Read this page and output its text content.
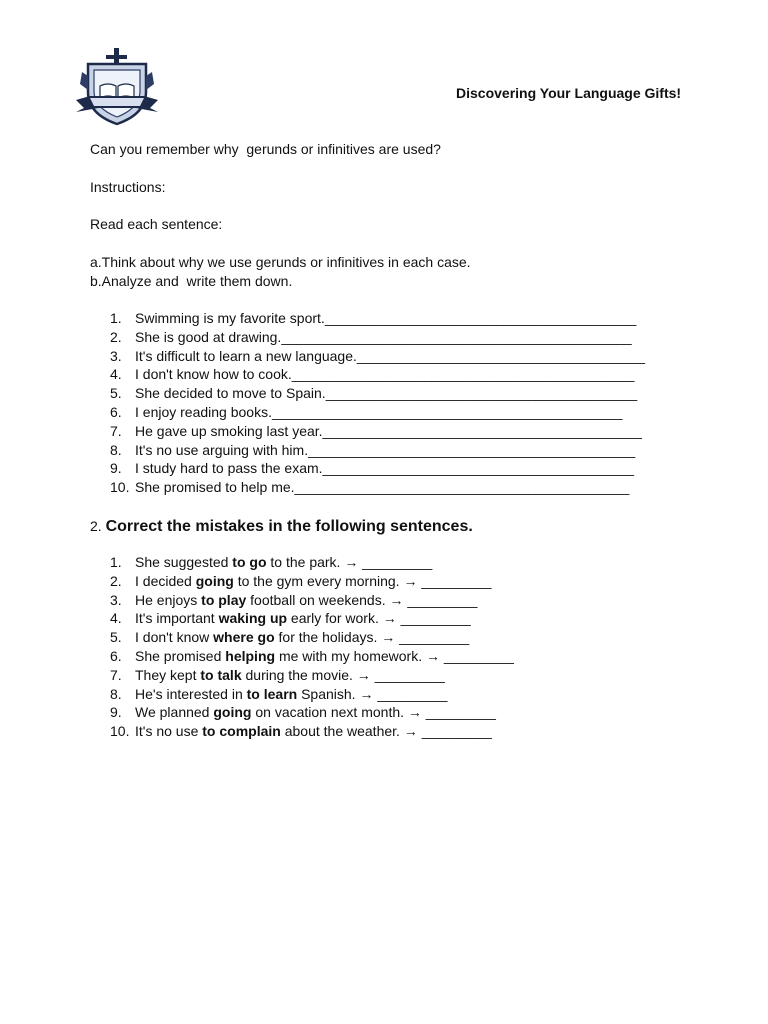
Discovering Your Language Gifts!
Can you remember why  gerunds or infinitives are used?
Instructions:
Read each sentence:
a.Think about why we use gerunds or infinitives in each case.
b.Analyze and  write them down.
1. Swimming is my favorite sport.________________________________________
2. She is good at drawing._____________________________________________
3. It's difficult to learn a new language._____________________________________
4. I don't know how to cook.____________________________________________
5. She decided to move to Spain.________________________________________
6. I enjoy reading books._____________________________________________
7. He gave up smoking last year._________________________________________
8. It's no use arguing with him.__________________________________________
9. I study hard to pass the exam.________________________________________
10. She promised to help me.___________________________________________
2. Correct the mistakes in the following sentences.
1. She suggested to go to the park. → _________
2. I decided going to the gym every morning. → _________
3. He enjoys to play football on weekends. → _________
4. It's important waking up early for work. → _________
5. I don't know where go for the holidays. → _________
6. She promised helping me with my homework. → _________
7. They kept to talk during the movie. → _________
8. He's interested in to learn Spanish. → _________
9. We planned going on vacation next month. → _________
10. It's no use to complain about the weather. → _________
